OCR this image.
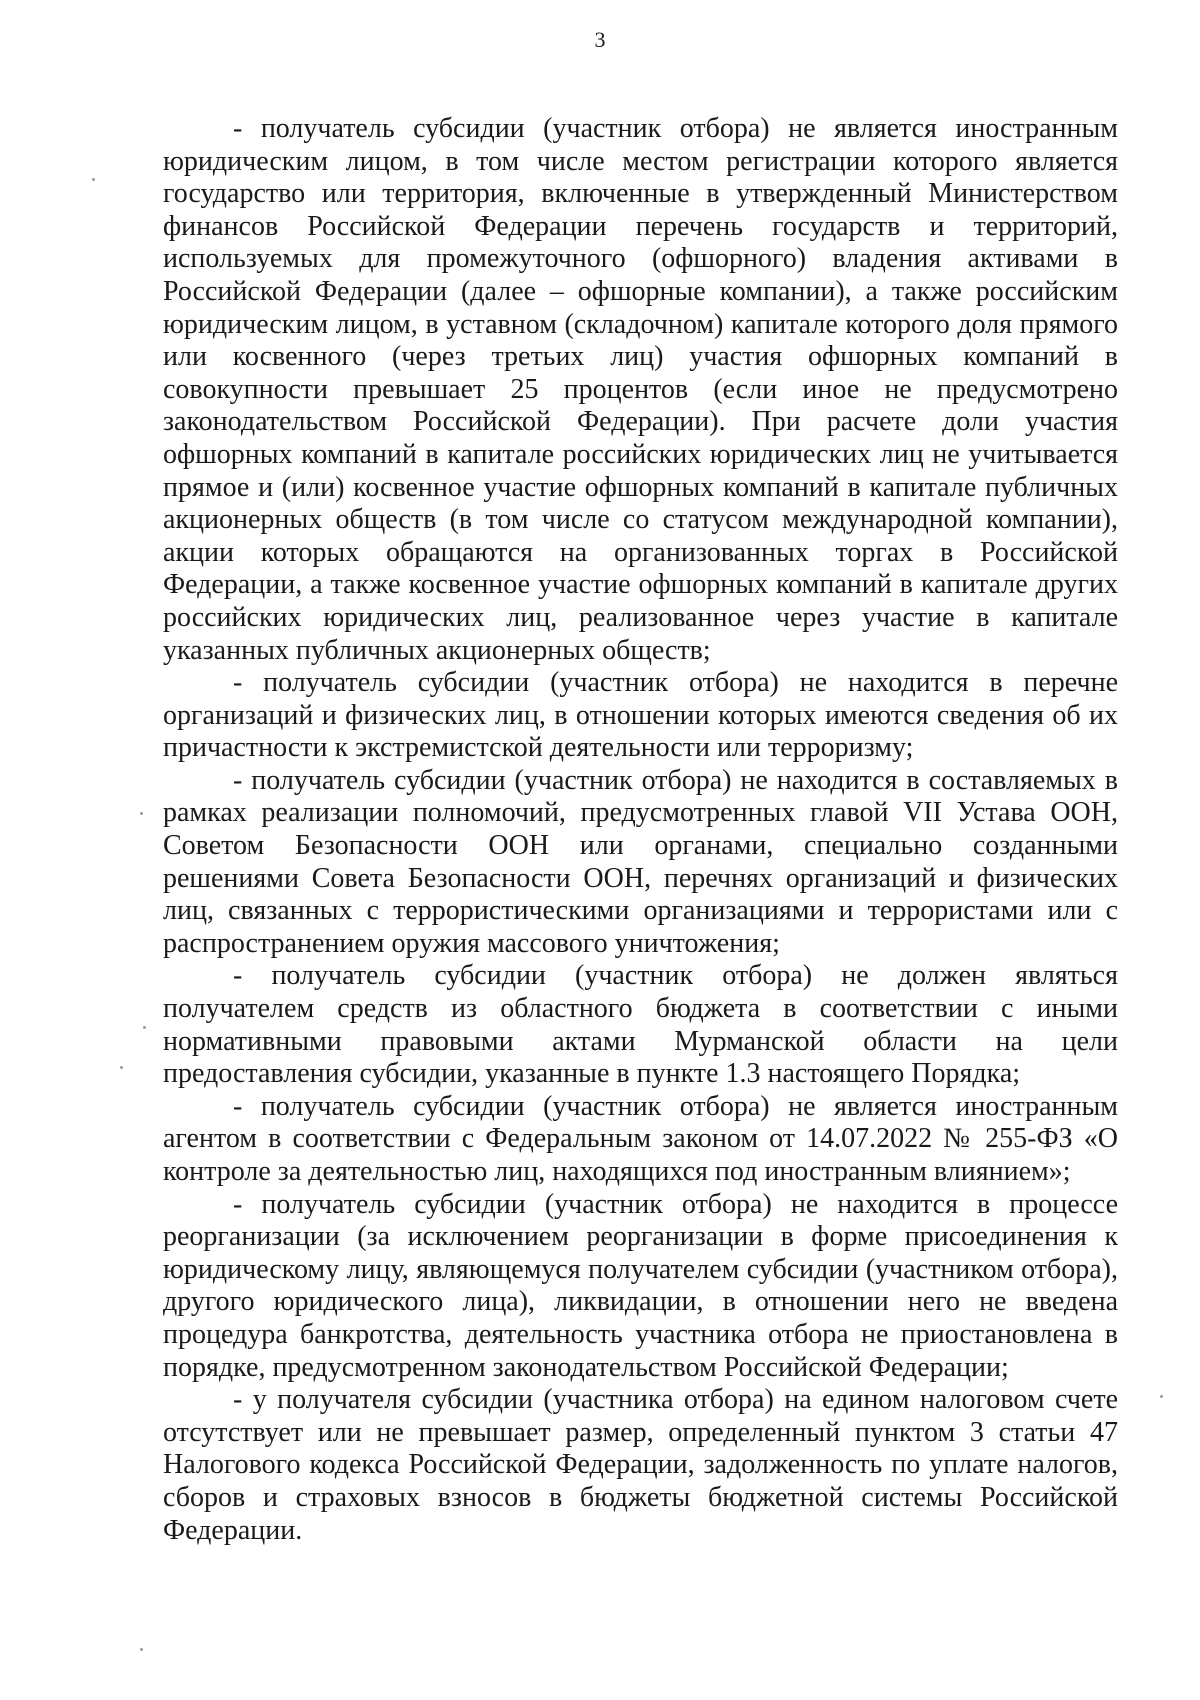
3

- получатель субсидии (участник отбора) не является иностранным юридическим лицом, в том числе местом регистрации которого является государство или территория, включенные в утвержденный Министерством финансов Российской Федерации перечень государств и территорий, используемых для промежуточного (офшорного) владения активами в Российской Федерации (далее – офшорные компании), а также российским юридическим лицом, в уставном (складочном) капитале которого доля прямого или косвенного (через третьих лиц) участия офшорных компаний в совокупности превышает 25 процентов (если иное не предусмотрено законодательством Российской Федерации). При расчете доли участия офшорных компаний в капитале российских юридических лиц не учитывается прямое и (или) косвенное участие офшорных компаний в капитале публичных акционерных обществ (в том числе со статусом международной компании), акции которых обращаются на организованных торгах в Российской Федерации, а также косвенное участие офшорных компаний в капитале других российских юридических лиц, реализованное через участие в капитале указанных публичных акционерных обществ;

- получатель субсидии (участник отбора) не находится в перечне организаций и физических лиц, в отношении которых имеются сведения об их причастности к экстремистской деятельности или терроризму;

- получатель субсидии (участник отбора) не находится в составляемых в рамках реализации полномочий, предусмотренных главой VII Устава ООН, Советом Безопасности ООН или органами, специально созданными решениями Совета Безопасности ООН, перечнях организаций и физических лиц, связанных с террористическими организациями и террористами или с распространением оружия массового уничтожения;

- получатель субсидии (участник отбора) не должен являться получателем средств из областного бюджета в соответствии с иными нормативными правовыми актами Мурманской области на цели предоставления субсидии, указанные в пункте 1.3 настоящего Порядка;

- получатель субсидии (участник отбора) не является иностранным агентом в соответствии с Федеральным законом от 14.07.2022 № 255-ФЗ «О контроле за деятельностью лиц, находящихся под иностранным влиянием»;

- получатель субсидии (участник отбора) не находится в процессе реорганизации (за исключением реорганизации в форме присоединения к юридическому лицу, являющемуся получателем субсидии (участником отбора), другого юридического лица), ликвидации, в отношении него не введена процедура банкротства, деятельность участника отбора не приостановлена в порядке, предусмотренном законодательством Российской Федерации;

- у получателя субсидии (участника отбора) на едином налоговом счете отсутствует или не превышает размер, определенный пунктом 3 статьи 47 Налогового кодекса Российской Федерации, задолженность по уплате налогов, сборов и страховых взносов в бюджеты бюджетной системы Российской Федерации.
